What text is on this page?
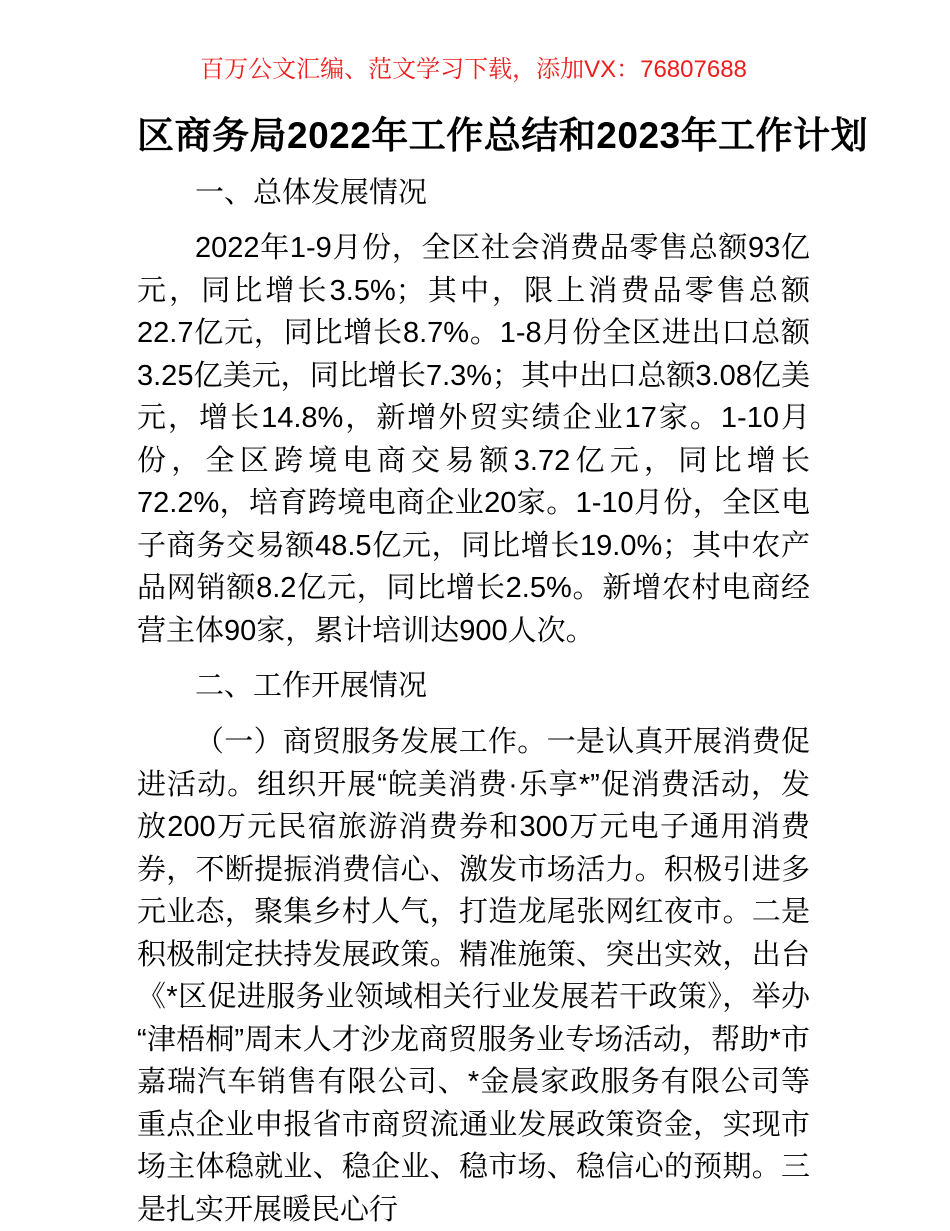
百万公文汇编、范文学习下载，添加VX：76807688
区商务局2022年工作总结和2023年工作计划
一、总体发展情况

2022年1-9月份，全区社会消费品零售总额93亿元，同比增长3.5%；其中，限上消费品零售总额22.7亿元，同比增长8.7%。1-8月份全区进出口总额3.25亿美元，同比增长7.3%；其中出口总额3.08亿美元，增长14.8%，新增外贸实绩企业17家。1-10月份，全区跨境电商交易额3.72亿元，同比增长72.2%，培育跨境电商企业20家。1-10月份，全区电子商务交易额48.5亿元，同比增长19.0%；其中农产品网销额8.2亿元，同比增长2.5%。新增农村电商经营主体90家，累计培训达900人次。

二、工作开展情况

（一）商贸服务发展工作。一是认真开展消费促进活动。组织开展“皖美消费·乐享*”促消费活动，发放200万元民宿旅游消费券和300万元电子通用消费券，不断提振消费信心、激发市场活力。积极引进多元业态，聚集乡村人气，打造龙尾张网红夜市。二是积极制定扶持发展政策。精准施策、突出实效，出台《*区促进服务业领域相关行业发展若干政策》，举办“津梧桐”周末人才沙龙商贸服务业专场活动，帮助*市嘉瑞汽车销售有限公司、*金晨家政服务有限公司等重点企业申报省市商贸流通业发展政策资金，实现市场主体稳就业、稳企业、稳市场、稳信心的预期。三是扎实开展暖民心行
